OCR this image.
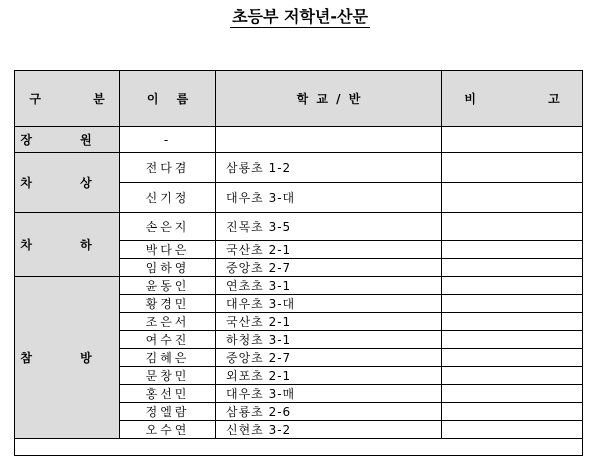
초등부 저학년-산문
구 분	이 름	학 교 / 반	비 고
장 원	-		
차 상	전다겸	삼룡초 1-2	
	신기정	대우초 3-대	
차 하	손은지	진목초 3-5	
	박다은	국산초 2-1	
	임하영	중앙초 2-7	
참 방	윤동인	연초초 3-1	
	황경민	대우초 3-대	
	조은서	국산초 2-1	
	여수진	하청초 3-1	
	김혜은	중앙초 2-7	
	문창민	외포초 2-1	
	홍선민	대우초 3-매	
	정엘람	삼룡초 2-6	
	오수연	신현초 3-2	
